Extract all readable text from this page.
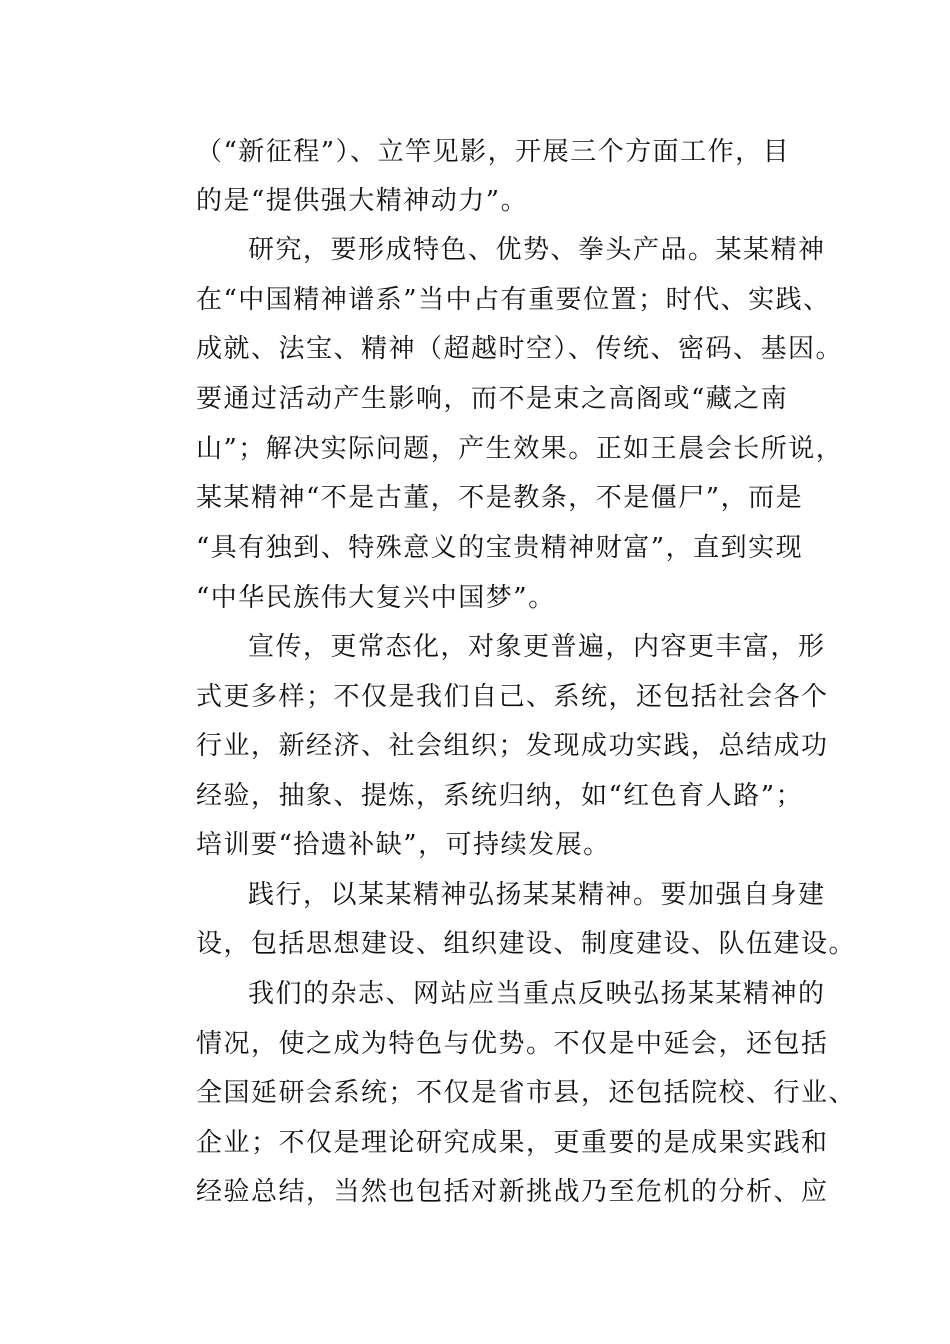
（“新征程”）、立竿见影，开展三个方面工作，目
的是“提供强大精神动力”。
研究，要形成特色、优势、拳头产品。某某精神
在“中国精神谱系”当中占有重要位置；时代、实践、
成就、法宝、精神（超越时空）、传统、密码、基因。
要通过活动产生影响，而不是束之高阁或“藏之南
山”；解决实际问题，产生效果。正如王晨会长所说，
某某精神“不是古董，不是教条，不是僵尸”，而是
“具有独到、特殊意义的宝贵精神财富”，直到实现
“中华民族伟大复兴中国梦”。
宣传，更常态化，对象更普遍，内容更丰富，形
式更多样；不仅是我们自己、系统，还包括社会各个
行业，新经济、社会组织；发现成功实践，总结成功
经验，抽象、提炼，系统归纳，如“红色育人路”；
培训要“拾遗补缺”，可持续发展。
践行，以某某精神弘扬某某精神。要加强自身建
设，包括思想建设、组织建设、制度建设、队伍建设。
我们的杂志、网站应当重点反映弘扬某某精神的
情况，使之成为特色与优势。不仅是中延会，还包括
全国延研会系统；不仅是省市县，还包括院校、行业、
企业；不仅是理论研究成果，更重要的是成果实践和
经验总结，当然也包括对新挑战乃至危机的分析、应
